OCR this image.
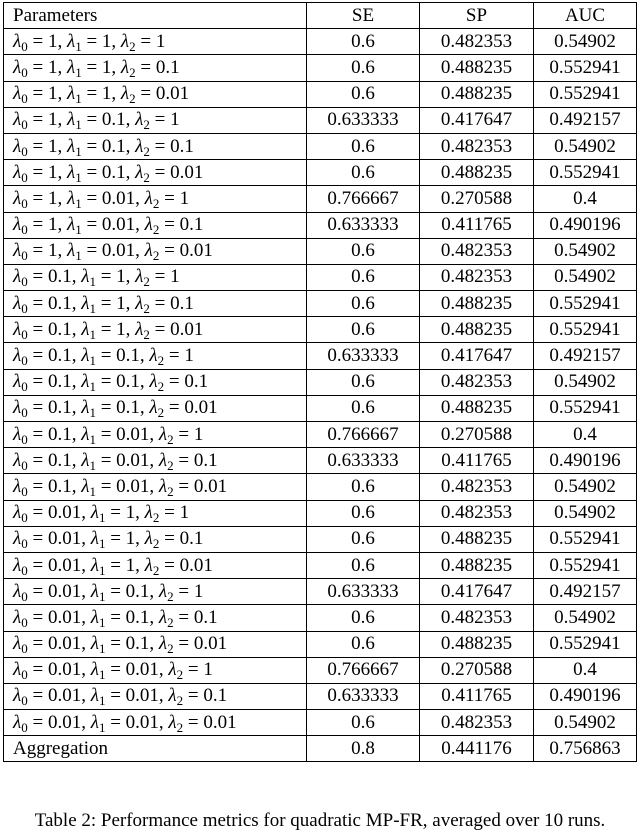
Parameters	SE	SP	AUC
$\lambda_0 = 1$, $\lambda_1 = 1$, $\lambda_2 = 1$	0.6	0.482353	0.54902
$\lambda_0 = 1$, $\lambda_1 = 1$, $\lambda_2 = 0.1$	0.6	0.488235	0.552941
$\lambda_0 = 1$, $\lambda_1 = 1$, $\lambda_2 = 0.01$	0.6	0.488235	0.552941
$\lambda_0 = 1$, $\lambda_1 = 0.1$, $\lambda_2 = 1$	0.633333	0.417647	0.492157
$\lambda_0 = 1$, $\lambda_1 = 0.1$, $\lambda_2 = 0.1$	0.6	0.482353	0.54902
$\lambda_0 = 1$, $\lambda_1 = 0.1$, $\lambda_2 = 0.01$	0.6	0.488235	0.552941
$\lambda_0 = 1$, $\lambda_1 = 0.01$, $\lambda_2 = 1$	0.766667	0.270588	0.4
$\lambda_0 = 1$, $\lambda_1 = 0.01$, $\lambda_2 = 0.1$	0.633333	0.411765	0.490196
$\lambda_0 = 1$, $\lambda_1 = 0.01$, $\lambda_2 = 0.01$	0.6	0.482353	0.54902
$\lambda_0 = 0.1$, $\lambda_1 = 1$, $\lambda_2 = 1$	0.6	0.482353	0.54902
$\lambda_0 = 0.1$, $\lambda_1 = 1$, $\lambda_2 = 0.1$	0.6	0.488235	0.552941
$\lambda_0 = 0.1$, $\lambda_1 = 1$, $\lambda_2 = 0.01$	0.6	0.488235	0.552941
$\lambda_0 = 0.1$, $\lambda_1 = 0.1$, $\lambda_2 = 1$	0.633333	0.417647	0.492157
$\lambda_0 = 0.1$, $\lambda_1 = 0.1$, $\lambda_2 = 0.1$	0.6	0.482353	0.54902
$\lambda_0 = 0.1$, $\lambda_1 = 0.1$, $\lambda_2 = 0.01$	0.6	0.488235	0.552941
$\lambda_0 = 0.1$, $\lambda_1 = 0.01$, $\lambda_2 = 1$	0.766667	0.270588	0.4
$\lambda_0 = 0.1$, $\lambda_1 = 0.01$, $\lambda_2 = 0.1$	0.633333	0.411765	0.490196
$\lambda_0 = 0.1$, $\lambda_1 = 0.01$, $\lambda_2 = 0.01$	0.6	0.482353	0.54902
$\lambda_0 = 0.01$, $\lambda_1 = 1$, $\lambda_2 = 1$	0.6	0.482353	0.54902
$\lambda_0 = 0.01$, $\lambda_1 = 1$, $\lambda_2 = 0.1$	0.6	0.488235	0.552941
$\lambda_0 = 0.01$, $\lambda_1 = 1$, $\lambda_2 = 0.01$	0.6	0.488235	0.552941
$\lambda_0 = 0.01$, $\lambda_1 = 0.1$, $\lambda_2 = 1$	0.633333	0.417647	0.492157
$\lambda_0 = 0.01$, $\lambda_1 = 0.1$, $\lambda_2 = 0.1$	0.6	0.482353	0.54902
$\lambda_0 = 0.01$, $\lambda_1 = 0.1$, $\lambda_2 = 0.01$	0.6	0.488235	0.552941
$\lambda_0 = 0.01$, $\lambda_1 = 0.01$, $\lambda_2 = 1$	0.766667	0.270588	0.4
$\lambda_0 = 0.01$, $\lambda_1 = 0.01$, $\lambda_2 = 0.1$	0.633333	0.411765	0.490196
$\lambda_0 = 0.01$, $\lambda_1 = 0.01$, $\lambda_2 = 0.01$	0.6	0.482353	0.54902
Aggregation	0.8	0.441176	0.756863
Table 2: Performance metrics for quadratic MP-FR, averaged over 10 runs.
